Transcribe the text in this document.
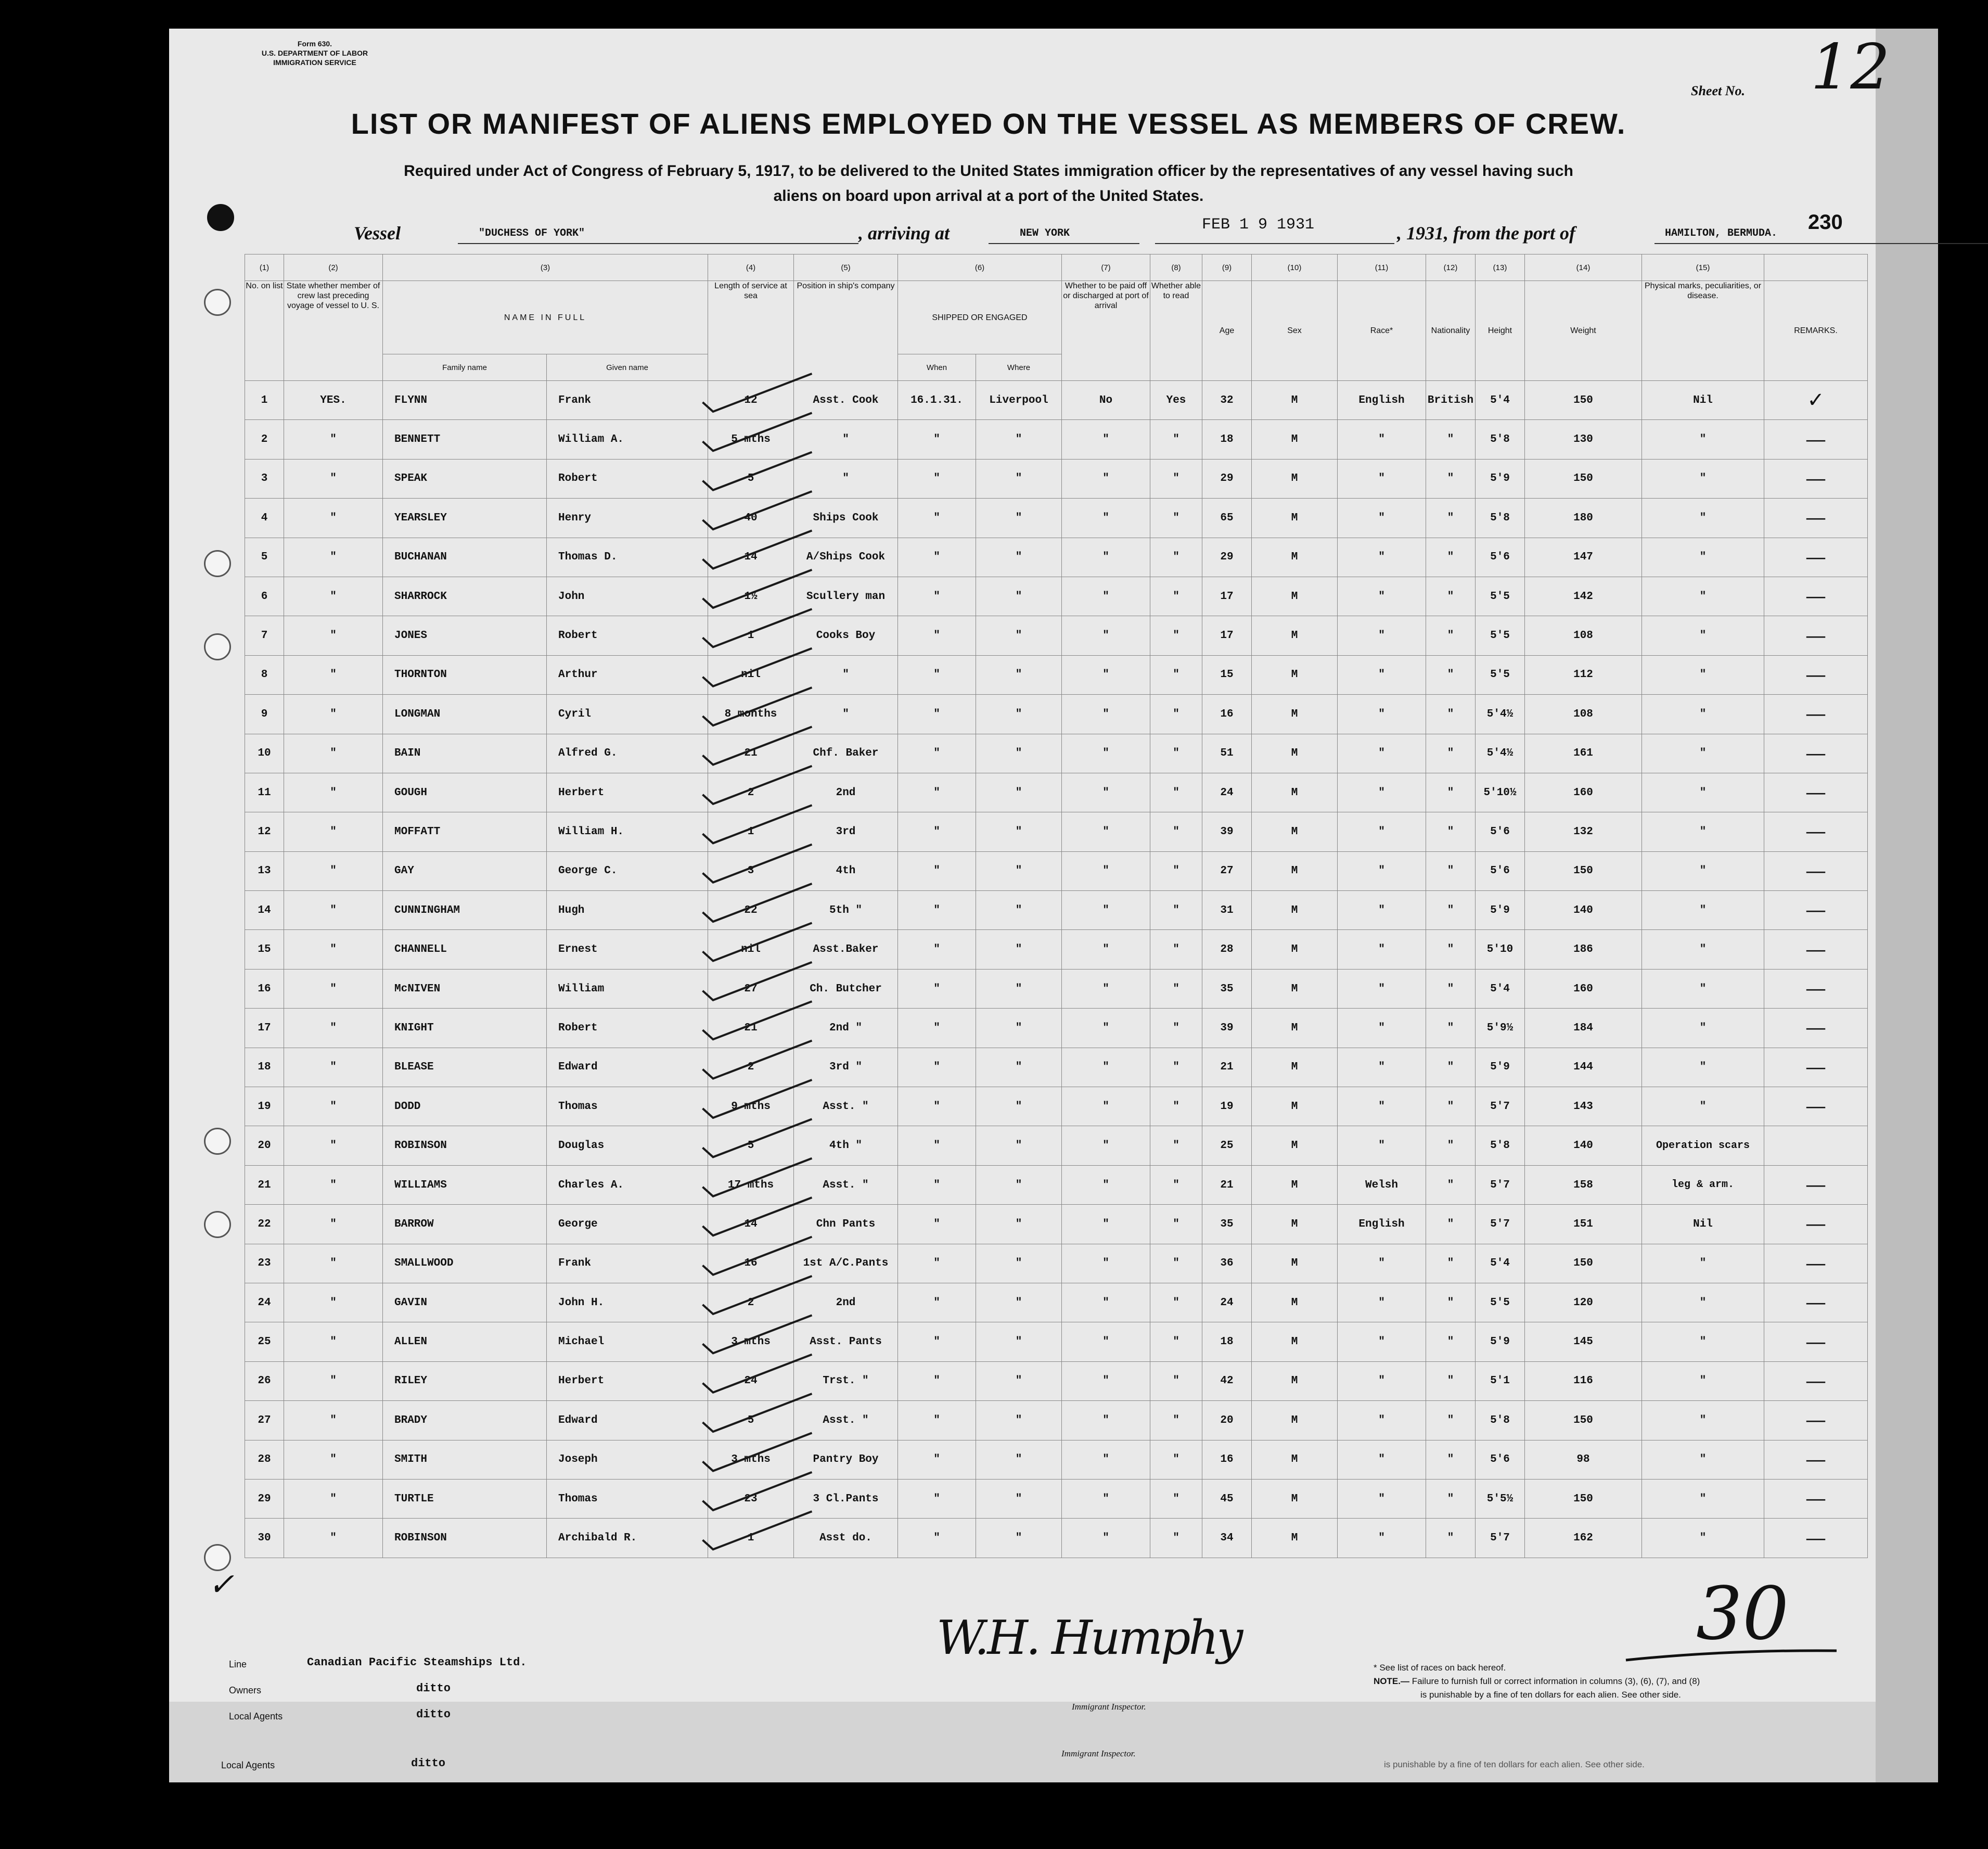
Form 630.
U.S. DEPARTMENT OF LABOR
IMMIGRATION SERVICE
Sheet No. 12
LIST OR MANIFEST OF ALIENS EMPLOYED ON THE VESSEL AS MEMBERS OF CREW.
Required under Act of Congress of February 5, 1917, to be delivered to the United States immigration officer by the representatives of any vessel having such
aliens on board upon arrival at a port of the United States.
Vessel	"DUCHESS OF YORK"	, arriving at	NEW YORK	FEB 1 9 1931	, 1931, from the port of	HAMILTON, BERMUDA. 230
(1)	(2)	(3)		(4)	(5)	(6)		(7)	(8)	(9)	(10)	(11)	(12)	(13)	(14)	(15)	
No. on list	State whether member of crew last preceding voyage of vessel to U. S.	NAME IN FULL		Length of service at sea	Position in ship's company	SHIPPED OR ENGAGED		Whether to be paid off or discharged at port of arrival	Whether able to read	Age	Sex	Race*	Nationality	Height	Weight	Physical marks, peculiarities, or disease.	REMARKS.
		Family name	Given name			When	Where										
1	YES.	FLYNN	Frank	12	Asst. Cook	16.1.31.	Liverpool	No	Yes	32	M	English	British	5'4	150	Nil	✓
2	"	BENNETT	William A.	5 mths	"	"	"	"	"	18	M	"	"	5'8	130	"	—
3	"	SPEAK	Robert	5	"	"	"	"	"	29	M	"	"	5'9	150	"	—
4	"	YEARSLEY	Henry	40	Ships Cook	"	"	"	"	65	M	"	"	5'8	180	"	—
5	"	BUCHANAN	Thomas D.	14	A/Ships Cook	"	"	"	"	29	M	"	"	5'6	147	"	—
6	"	SHARROCK	John	1½	Scullery man	"	"	"	"	17	M	"	"	5'5	142	"	—
7	"	JONES	Robert	1	Cooks Boy	"	"	"	"	17	M	"	"	5'5	108	"	—
8	"	THORNTON	Arthur	nil	"	"	"	"	"	15	M	"	"	5'5	112	"	—
9	"	LONGMAN	Cyril	8 months	"	"	"	"	"	16	M	"	"	5'4½	108	"	—
10	"	BAIN	Alfred G.	21	Chf. Baker	"	"	"	"	51	M	"	"	5'4½	161	"	—
11	"	GOUGH	Herbert	2	2nd	"	"	"	"	24	M	"	"	5'10½	160	"	—
12	"	MOFFATT	William H.	1	3rd	"	"	"	"	39	M	"	"	5'6	132	"	—
13	"	GAY	George C.	3	4th	"	"	"	"	27	M	"	"	5'6	150	"	—
14	"	CUNNINGHAM	Hugh	22	5th "	"	"	"	"	31	M	"	"	5'9	140	"	—
15	"	CHANNELL	Ernest	nil	Asst.Baker	"	"	"	"	28	M	"	"	5'10	186	"	—
16	"	McNIVEN	William	27	Ch. Butcher	"	"	"	"	35	M	"	"	5'4	160	"	—
17	"	KNIGHT	Robert	21	2nd "	"	"	"	"	39	M	"	"	5'9½	184	"	—
18	"	BLEASE	Edward	2	3rd "	"	"	"	"	21	M	"	"	5'9	144	"	—
19	"	DODD	Thomas	9 mths	Asst. "	"	"	"	"	19	M	"	"	5'7	143	"	—
20	"	ROBINSON	Douglas	5	4th "	"	"	"	"	25	M	"	"	5'8	140	Operation scars	
21	"	WILLIAMS	Charles A.	17 mths	Asst. "	"	"	"	"	21	M	Welsh	"	5'7	158	leg & arm.	—
22	"	BARROW	George	14	Chn Pants	"	"	"	"	35	M	English	"	5'7	151	Nil	—
23	"	SMALLWOOD	Frank	16	1st A/C.Pants	"	"	"	"	36	M	"	"	5'4	150	"	—
24	"	GAVIN	John H.	2	2nd	"	"	"	"	24	M	"	"	5'5	120	"	—
25	"	ALLEN	Michael	3 mths	Asst. Pants	"	"	"	"	18	M	"	"	5'9	145	"	—
26	"	RILEY	Herbert	24	Trst. "	"	"	"	"	42	M	"	"	5'1	116	"	—
27	"	BRADY	Edward	5	Asst. "	"	"	"	"	20	M	"	"	5'8	150	"	—
28	"	SMITH	Joseph	3 mths	Pantry Boy	"	"	"	"	16	M	"	"	5'6	98	"	—
29	"	TURTLE	Thomas	23	3 Cl.Pants	"	"	"	"	45	M	"	"	5'5½	150	"	—
30	"	ROBINSON	Archibald R.	1	Asst do.	"	"	"	"	34	M	"	"	5'7	162	"	—
✓	30
Line	Canadian Pacific Steamships Ltd.
Owners	ditto
Local Agents	ditto
Local Agents	ditto
Immigrant Inspector.
Immigrant Inspector.
* See list of races on back hereof.
NOTE.— Failure to furnish full or correct information in columns (3), (6), (7), and (8)
is punishable by a fine of ten dollars for each alien. See other side.
is punishable by a fine of ten dollars for each alien. See other side.
W.H. Humphy
